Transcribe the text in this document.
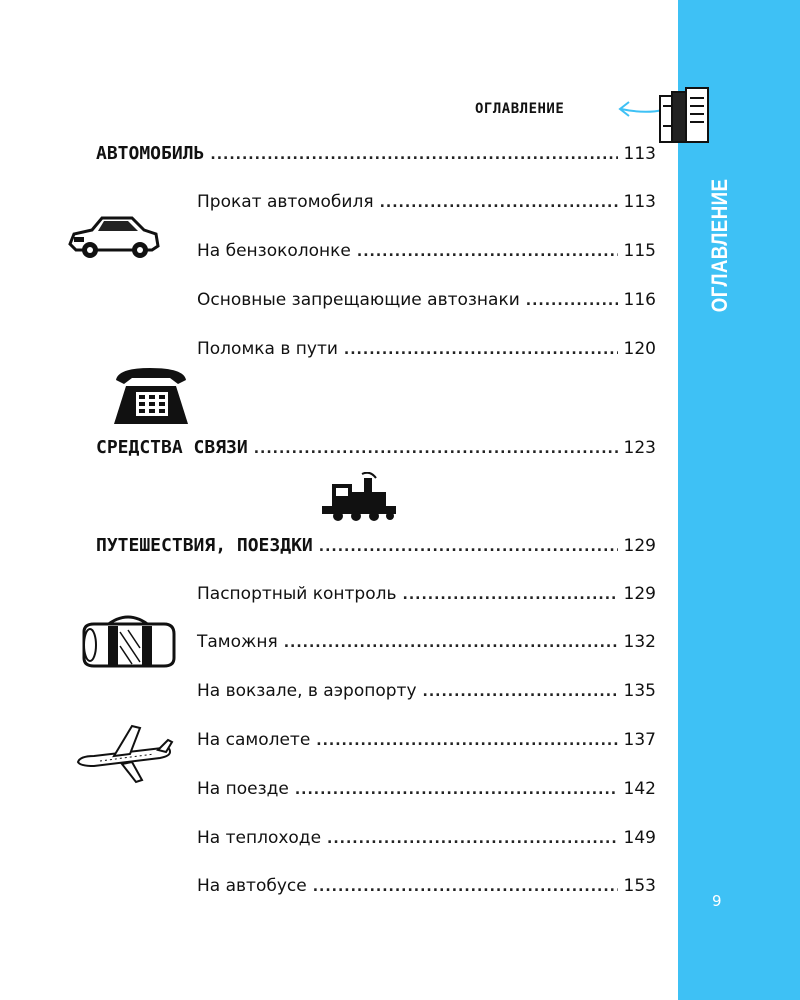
ОГЛАВЛЕНИЕ
9
ОГЛАВЛЕНИЕ
АВТОМОБИЛЬ .....	113
Прокат автомобиля .....	113
На бензоколонке .....	115
Основные запрещающие автознаки .....	116
Поломка в пути .....	120
СРЕДСТВА СВЯЗИ .....	123
ПУТЕШЕСТВИЯ, ПОЕЗДКИ .....	129
Паспортный контроль .....	129
Таможня .....	132
На вокзале, в аэропорту .....	135
На самолете .....	137
На поезде .....	142
На теплоходе .....	149
На автобусе .....	153
